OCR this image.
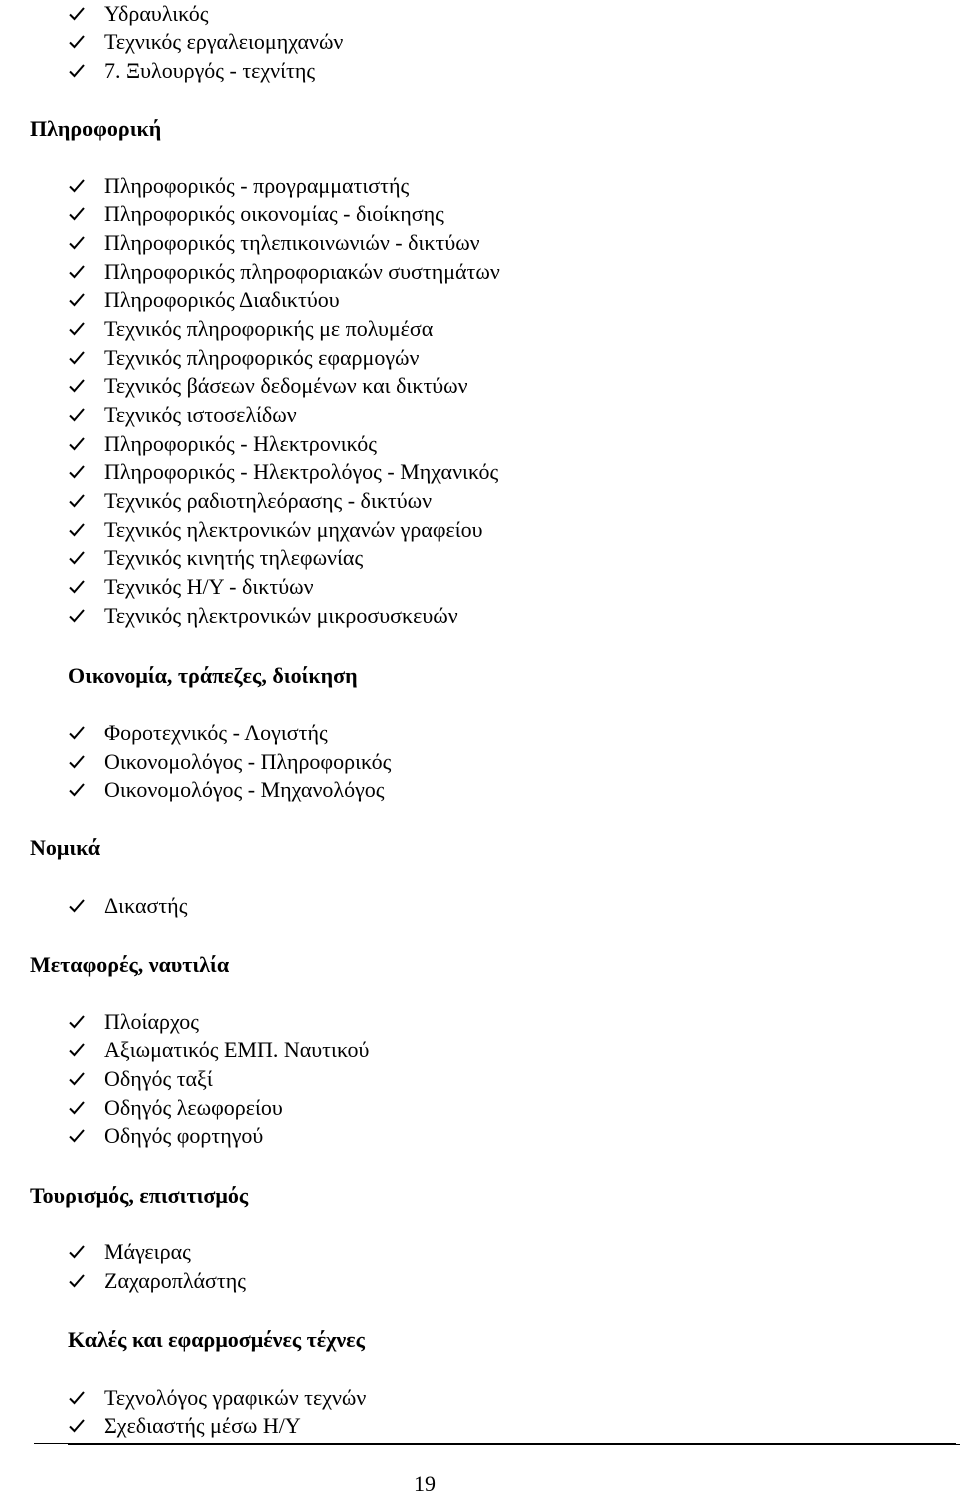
Υδραυλικός
Τεχνικός εργαλειομηχανών
7. Ξυλουργός - τεχνίτης
Πληροφορική
Πληροφορικός - προγραμματιστής
Πληροφορικός οικονομίας - διοίκησης
Πληροφορικός τηλεπικοινωνιών - δικτύων
Πληροφορικός πληροφοριακών συστημάτων
Πληροφορικός Διαδικτύου
Τεχνικός πληροφορικής με πολυμέσα
Τεχνικός πληροφορικός εφαρμογών
Τεχνικός βάσεων δεδομένων και δικτύων
Τεχνικός ιστοσελίδων
Πληροφορικός - Ηλεκτρονικός
Πληροφορικός - Ηλεκτρολόγος - Μηχανικός
Τεχνικός ραδιοτηλεόρασης - δικτύων
Τεχνικός ηλεκτρονικών μηχανών γραφείου
Τεχνικός κινητής τηλεφωνίας
Τεχνικός Η/Υ - δικτύων
Τεχνικός ηλεκτρονικών μικροσυσκευών
Οικονομία, τράπεζες, διοίκηση
Φοροτεχνικός - Λογιστής
Οικονομολόγος - Πληροφορικός
Οικονομολόγος - Μηχανολόγος
Νομικά
Δικαστής
Μεταφορές, ναυτιλία
Πλοίαρχος
Αξιωματικός ΕΜΠ. Ναυτικού
Οδηγός ταξί
Οδηγός λεωφορείου
Οδηγός φορτηγού
Τουρισμός, επισιτισμός
Μάγειρας
Ζαχαροπλάστης
Καλές και εφαρμοσμένες τέχνες
Τεχνολόγος γραφικών τεχνών
Σχεδιαστής μέσω Η/Υ
19
